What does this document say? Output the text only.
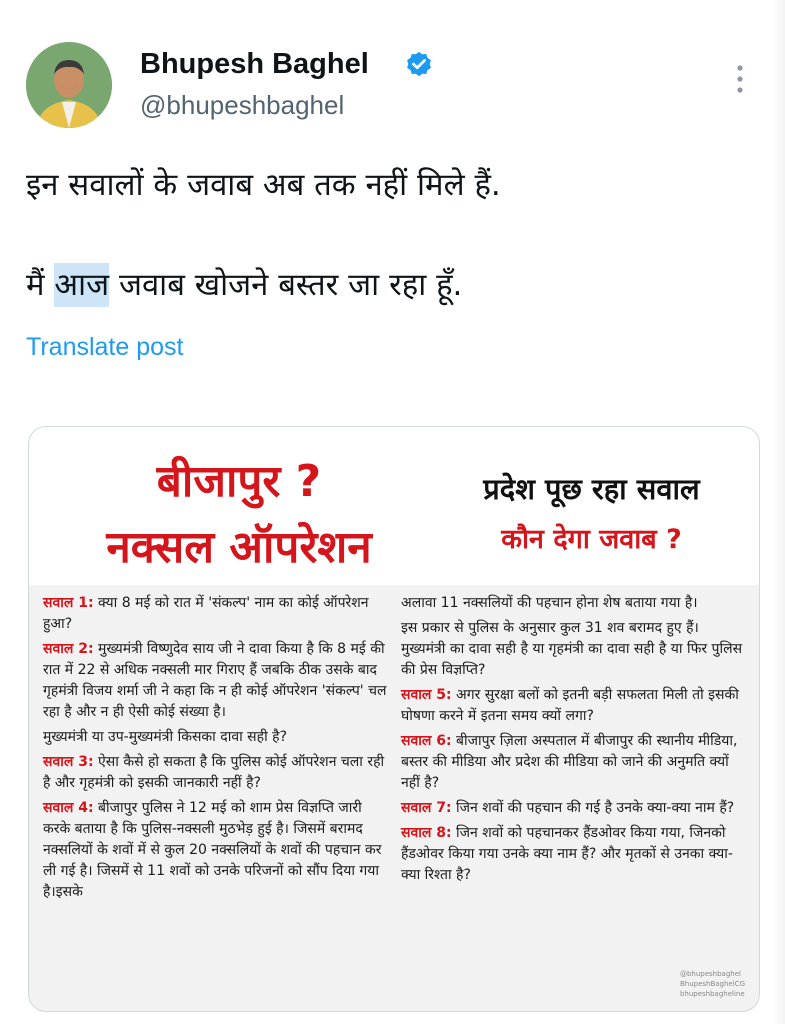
Bhupesh Baghel
@bhupeshbaghel
इन सवालों के जवाब अब तक नहीं मिले हैं.
मैं आज जवाब खोजने बस्तर जा रहा हूँ.
Translate post
बीजापुर ?
नक्सल ऑपरेशन
प्रदेश पूछ रहा सवाल
कौन देगा जवाब ?

सवाल 1: क्या 8 मई को रात में 'संकल्प' नाम का कोई ऑपरेशन हुआ?

सवाल 2: मुख्यमंत्री विष्णुदेव साय जी ने दावा किया है कि 8 मई की रात में 22 से अधिक नक्सली मार गिराए हैं जबकि ठीक उसके बाद गृहमंत्री विजय शर्मा जी ने कहा कि न ही कोई ऑपरेशन 'संकल्प' चल रहा है और न ही ऐसी कोई संख्या है।

मुख्यमंत्री या उप-मुख्यमंत्री किसका दावा सही है?

सवाल 3: ऐसा कैसे हो सकता है कि पुलिस कोई ऑपरेशन चला रही है और गृहमंत्री को इसकी जानकारी नहीं है?

सवाल 4: बीजापुर पुलिस ने 12 मई को शाम प्रेस विज्ञप्ति जारी करके बताया है कि पुलिस-नक्सली मुठभेड़ हुई है। जिसमें बरामद नक्सलियों के शवों में से कुल 20 नक्सलियों के शवों की पहचान कर ली गई है। जिसमें से 11 शवों को उनके परिजनों को सौंप दिया गया है।इसके

अलावा 11 नक्सलियों की पहचान होना शेष बताया गया है।

इस प्रकार से पुलिस के अनुसार कुल 31 शव बरामद हुए हैं। मुख्यमंत्री का दावा सही है या गृहमंत्री का दावा सही है या फिर पुलिस की प्रेस विज्ञप्ति?

सवाल 5: अगर सुरक्षा बलों को इतनी बड़ी सफलता मिली तो इसकी घोषणा करने में इतना समय क्यों लगा?

सवाल 6: बीजापुर ज़िला अस्पताल में बीजापुर की स्थानीय मीडिया, बस्तर की मीडिया और प्रदेश की मीडिया को जाने की अनुमति क्यों नहीं है?

सवाल 7: जिन शवों की पहचान की गई है उनके क्या-क्या नाम हैं?

सवाल 8: जिन शवों को पहचानकर हैंडओवर किया गया, जिनको हैंडओवर किया गया उनके क्या नाम हैं? और मृतकों से उनका क्या-क्या रिश्ता है?

@bhupeshbaghel
BhupeshBaghelCG
bhupeshbagheline
